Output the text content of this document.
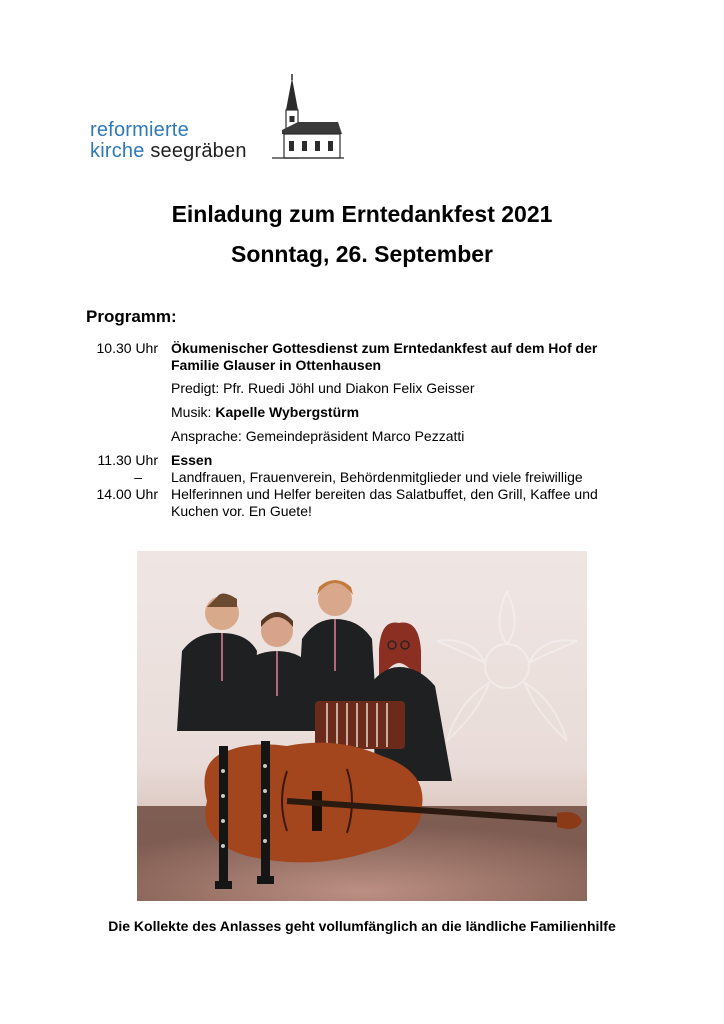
reformierte
kirche seegräben
Einladung zum Erntedankfest 2021
Sonntag, 26. September
Programm:
10.30 Uhr Ökumenischer Gottesdienst zum Erntedankfest auf dem Hof der Familie Glauser in Ottenhausen
Predigt: Pfr. Ruedi Jöhl und Diakon Felix Geisser
Musik: Kapelle Wybergstürm
Ansprache: Gemeindepräsident Marco Pezzatti
11.30 Uhr
–
14.00 Uhr
Essen
Landfrauen, Frauenverein, Behördenmitglieder und viele freiwillige Helferinnen und Helfer bereiten das Salatbuffet, den Grill, Kaffee und Kuchen vor. En Guete!
Die Kollekte des Anlasses geht vollumfänglich an die ländliche Familienhilfe
